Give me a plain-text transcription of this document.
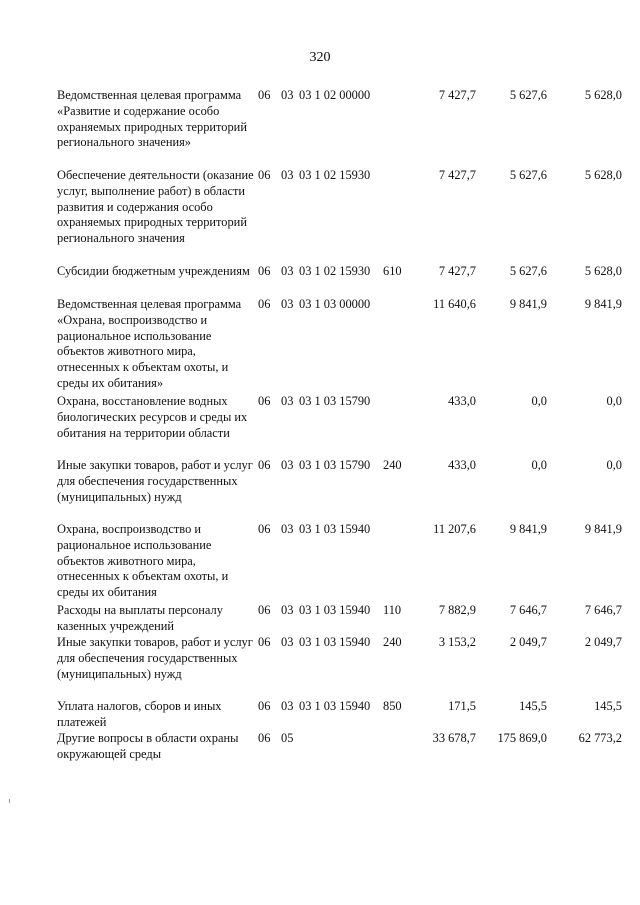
320
Ведомственная целевая программа «Развитие и содержание особо охраняемых природных территорий регионального значения»
06 03 03 1 02 00000	7 427,7	5 627,6	5 628,0
Обеспечение деятельности (оказание услуг, выполнение работ) в области развития и содержания особо охраняемых природных территорий регионального значения
06 03 03 1 02 15930	7 427,7	5 627,6	5 628,0
Субсидии бюджетным учреждениям 06 03 03 1 02 15930 610	7 427,7	5 627,6	5 628,0
Ведомственная целевая программа «Охрана, воспроизводство и рациональное использование объектов животного мира, отнесенных к объектам охоты, и среды их обитания»
06 03 03 1 03 00000	11 640,6	9 841,9	9 841,9
Охрана, восстановление водных биологических ресурсов и среды их обитания на территории области
06 03 03 1 03 15790	433,0	0,0	0,0
Иные закупки товаров, работ и услуг для обеспечения государственных (муниципальных) нужд
06 03 03 1 03 15790 240	433,0	0,0	0,0
Охрана, воспроизводство и рациональное использование объектов животного мира, отнесенных к объектам охоты, и среды их обитания
06 03 03 1 03 15940	11 207,6	9 841,9	9 841,9
Расходы на выплаты персоналу казенных учреждений
06 03 03 1 03 15940 110	7 882,9	7 646,7	7 646,7
Иные закупки товаров, работ и услуг для обеспечения государственных (муниципальных) нужд
06 03 03 1 03 15940 240	3 153,2	2 049,7	2 049,7
Уплата налогов, сборов и иных платежей
06 03 03 1 03 15940 850	171,5	145,5	145,5
Другие вопросы в области охраны окружающей среды
06 05	33 678,7	175 869,0	62 773,2
